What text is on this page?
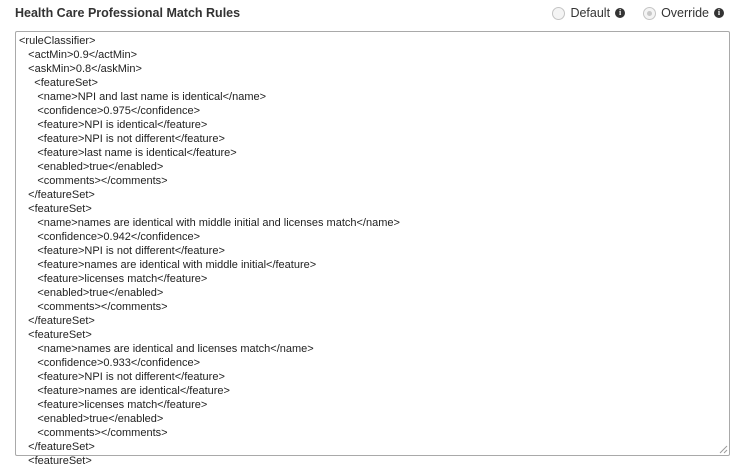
Health Care Professional Match Rules	Default	i	Override	i
<ruleClassifier>
<actMin>0.9</actMin>
<askMin>0.8</askMin>
<featureSet>
<name>NPI and last name is identical</name>
<confidence>0.975</confidence>
<feature>NPI is identical</feature>
<feature>NPI is not different</feature>
<feature>last name is identical</feature>
<enabled>true</enabled>
<comments></comments>
</featureSet>
<featureSet>
<name>names are identical with middle initial and licenses match</name>
<confidence>0.942</confidence>
<feature>NPI is not different</feature>
<feature>names are identical with middle initial</feature>
<feature>licenses match</feature>
<enabled>true</enabled>
<comments></comments>
</featureSet>
<featureSet>
<name>names are identical and licenses match</name>
<confidence>0.933</confidence>
<feature>NPI is not different</feature>
<feature>names are identical</feature>
<feature>licenses match</feature>
<enabled>true</enabled>
<comments></comments>
</featureSet>
<featureSet>
